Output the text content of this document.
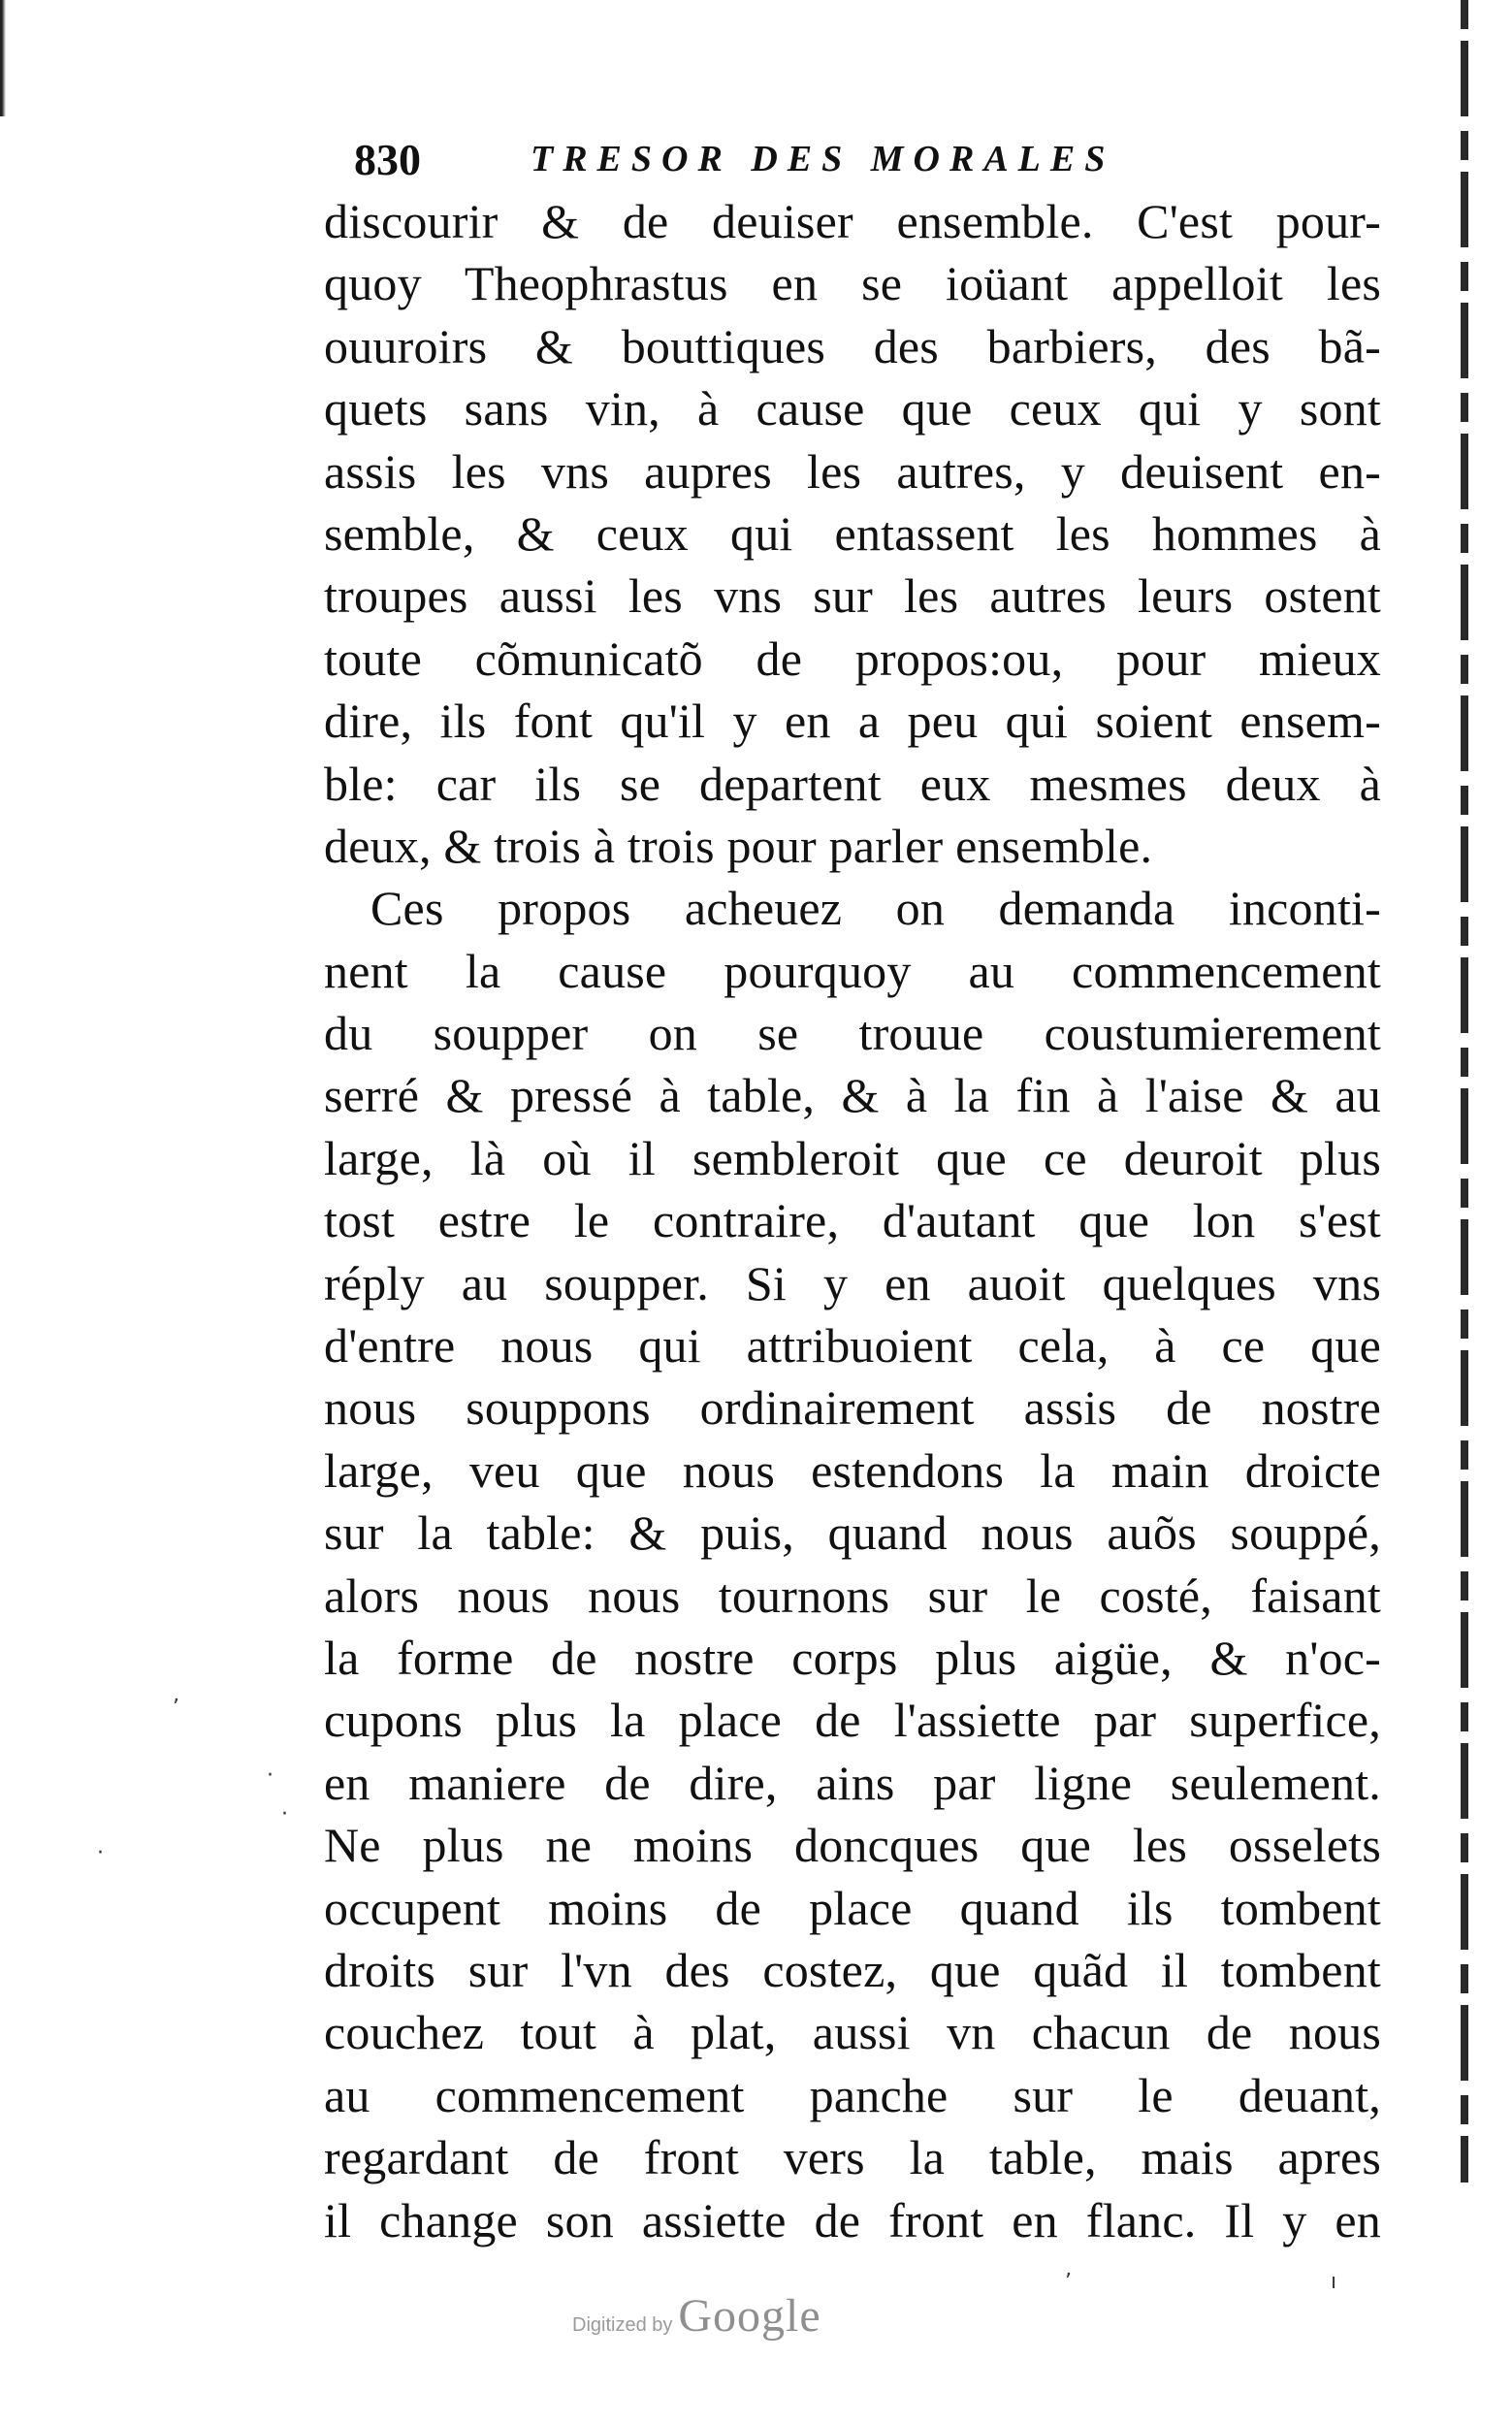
830	TRESOR DES MORALES
discourir & de deuiser ensemble. C'est pour-
quoy Theophrastus en se ioüant appelloit les
ouuroirs & bouttiques des barbiers, des bã-
quets sans vin, à cause que ceux qui y sont
assis les vns aupres les autres, y deuisent en-
semble, & ceux qui entassent les hommes à
troupes aussi les vns sur les autres leurs ostent
toute cõmunicatõ de propos:ou, pour mieux
dire, ils font qu'il y en a peu qui soient ensem-
ble: car ils se departent eux mesmes deux à
deux, & trois à trois pour parler ensemble.
Ces propos acheuez on demanda inconti-
nent la cause pourquoy au commencement
du soupper on se trouue coustumierement
serré & pressé à table, & à la fin à l'aise & au
large, là où il sembleroit que ce deuroit plus
tost estre le contraire, d'autant que lon s'est
réply au soupper. Si y en auoit quelques vns
d'entre nous qui attribuoient cela, à ce que
nous souppons ordinairement assis de nostre
large, veu que nous estendons la main droicte
sur la table: & puis, quand nous auõs souppé,
alors nous nous tournons sur le costé, faisant
la forme de nostre corps plus aigüe, & n'oc-
cupons plus la place de l'assiette par superfice,
en maniere de dire, ains par ligne seulement.
Ne plus ne moins doncques que les osselets
occupent moins de place quand ils tombent
droits sur l'vn des costez, que quãd il tombent
couchez tout à plat, aussi vn chacun de nous
au commencement panche sur le deuant,
regardant de front vers la table, mais apres
il change son assiette de front en flanc. Il y en
ʼ
·
·
·
ʼ	ı
Digitized by Google
